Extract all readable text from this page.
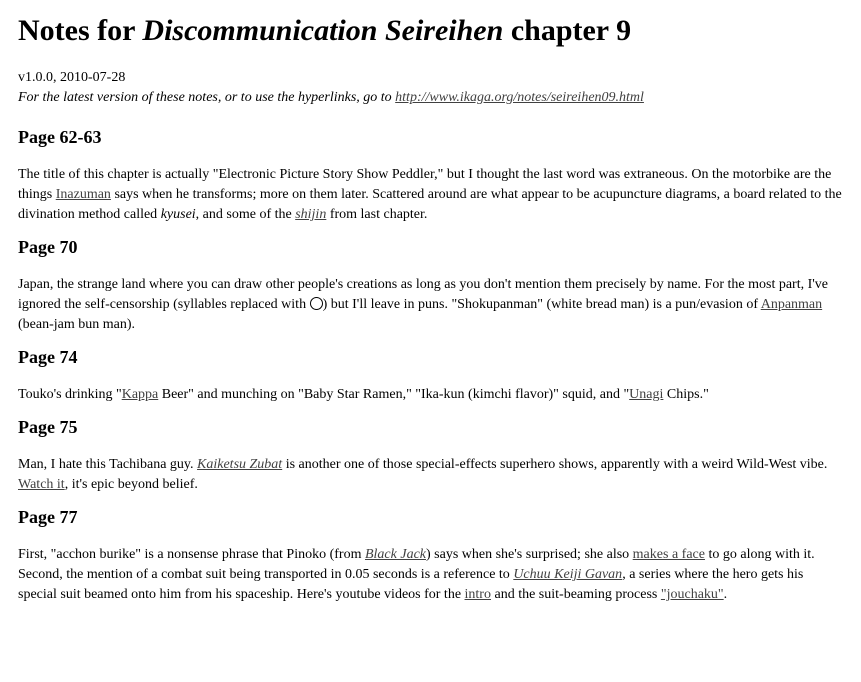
Notes for Discommunication Seireihen chapter 9
v1.0.0, 2010-07-28
For the latest version of these notes, or to use the hyperlinks, go to http://www.ikaga.org/notes/seireihen09.html
Page 62-63

The title of this chapter is actually "Electronic Picture Story Show Peddler," but I thought the last word was extraneous. On the motorbike are the things Inazuman says when he transforms; more on them later. Scattered around are what appear to be acupuncture diagrams, a board related to the divination method called kyusei, and some of the shijin from last chapter.

Page 70

Japan, the strange land where you can draw other people's creations as long as you don't mention them precisely by name. For the most part, I've ignored the self-censorship (syllables replaced with ) but I'll leave in puns. "Shokupanman" (white bread man) is a pun/evasion of Anpanman (bean-jam bun man).

Page 74

Touko's drinking "Kappa Beer" and munching on "Baby Star Ramen," "Ika-kun (kimchi flavor)" squid, and "Unagi Chips."

Page 75

Man, I hate this Tachibana guy. Kaiketsu Zubat is another one of those special-effects superhero shows, apparently with a weird Wild-West vibe. Watch it, it's epic beyond belief.

Page 77

First, "acchon burike" is a nonsense phrase that Pinoko (from Black Jack) says when she's surprised; she also makes a face to go along with it. Second, the mention of a combat suit being transported in 0.05 seconds is a reference to Uchuu Keiji Gavan, a series where the hero gets his special suit beamed onto him from his spaceship. Here's youtube videos for the intro and the suit-beaming process "jouchaku".
